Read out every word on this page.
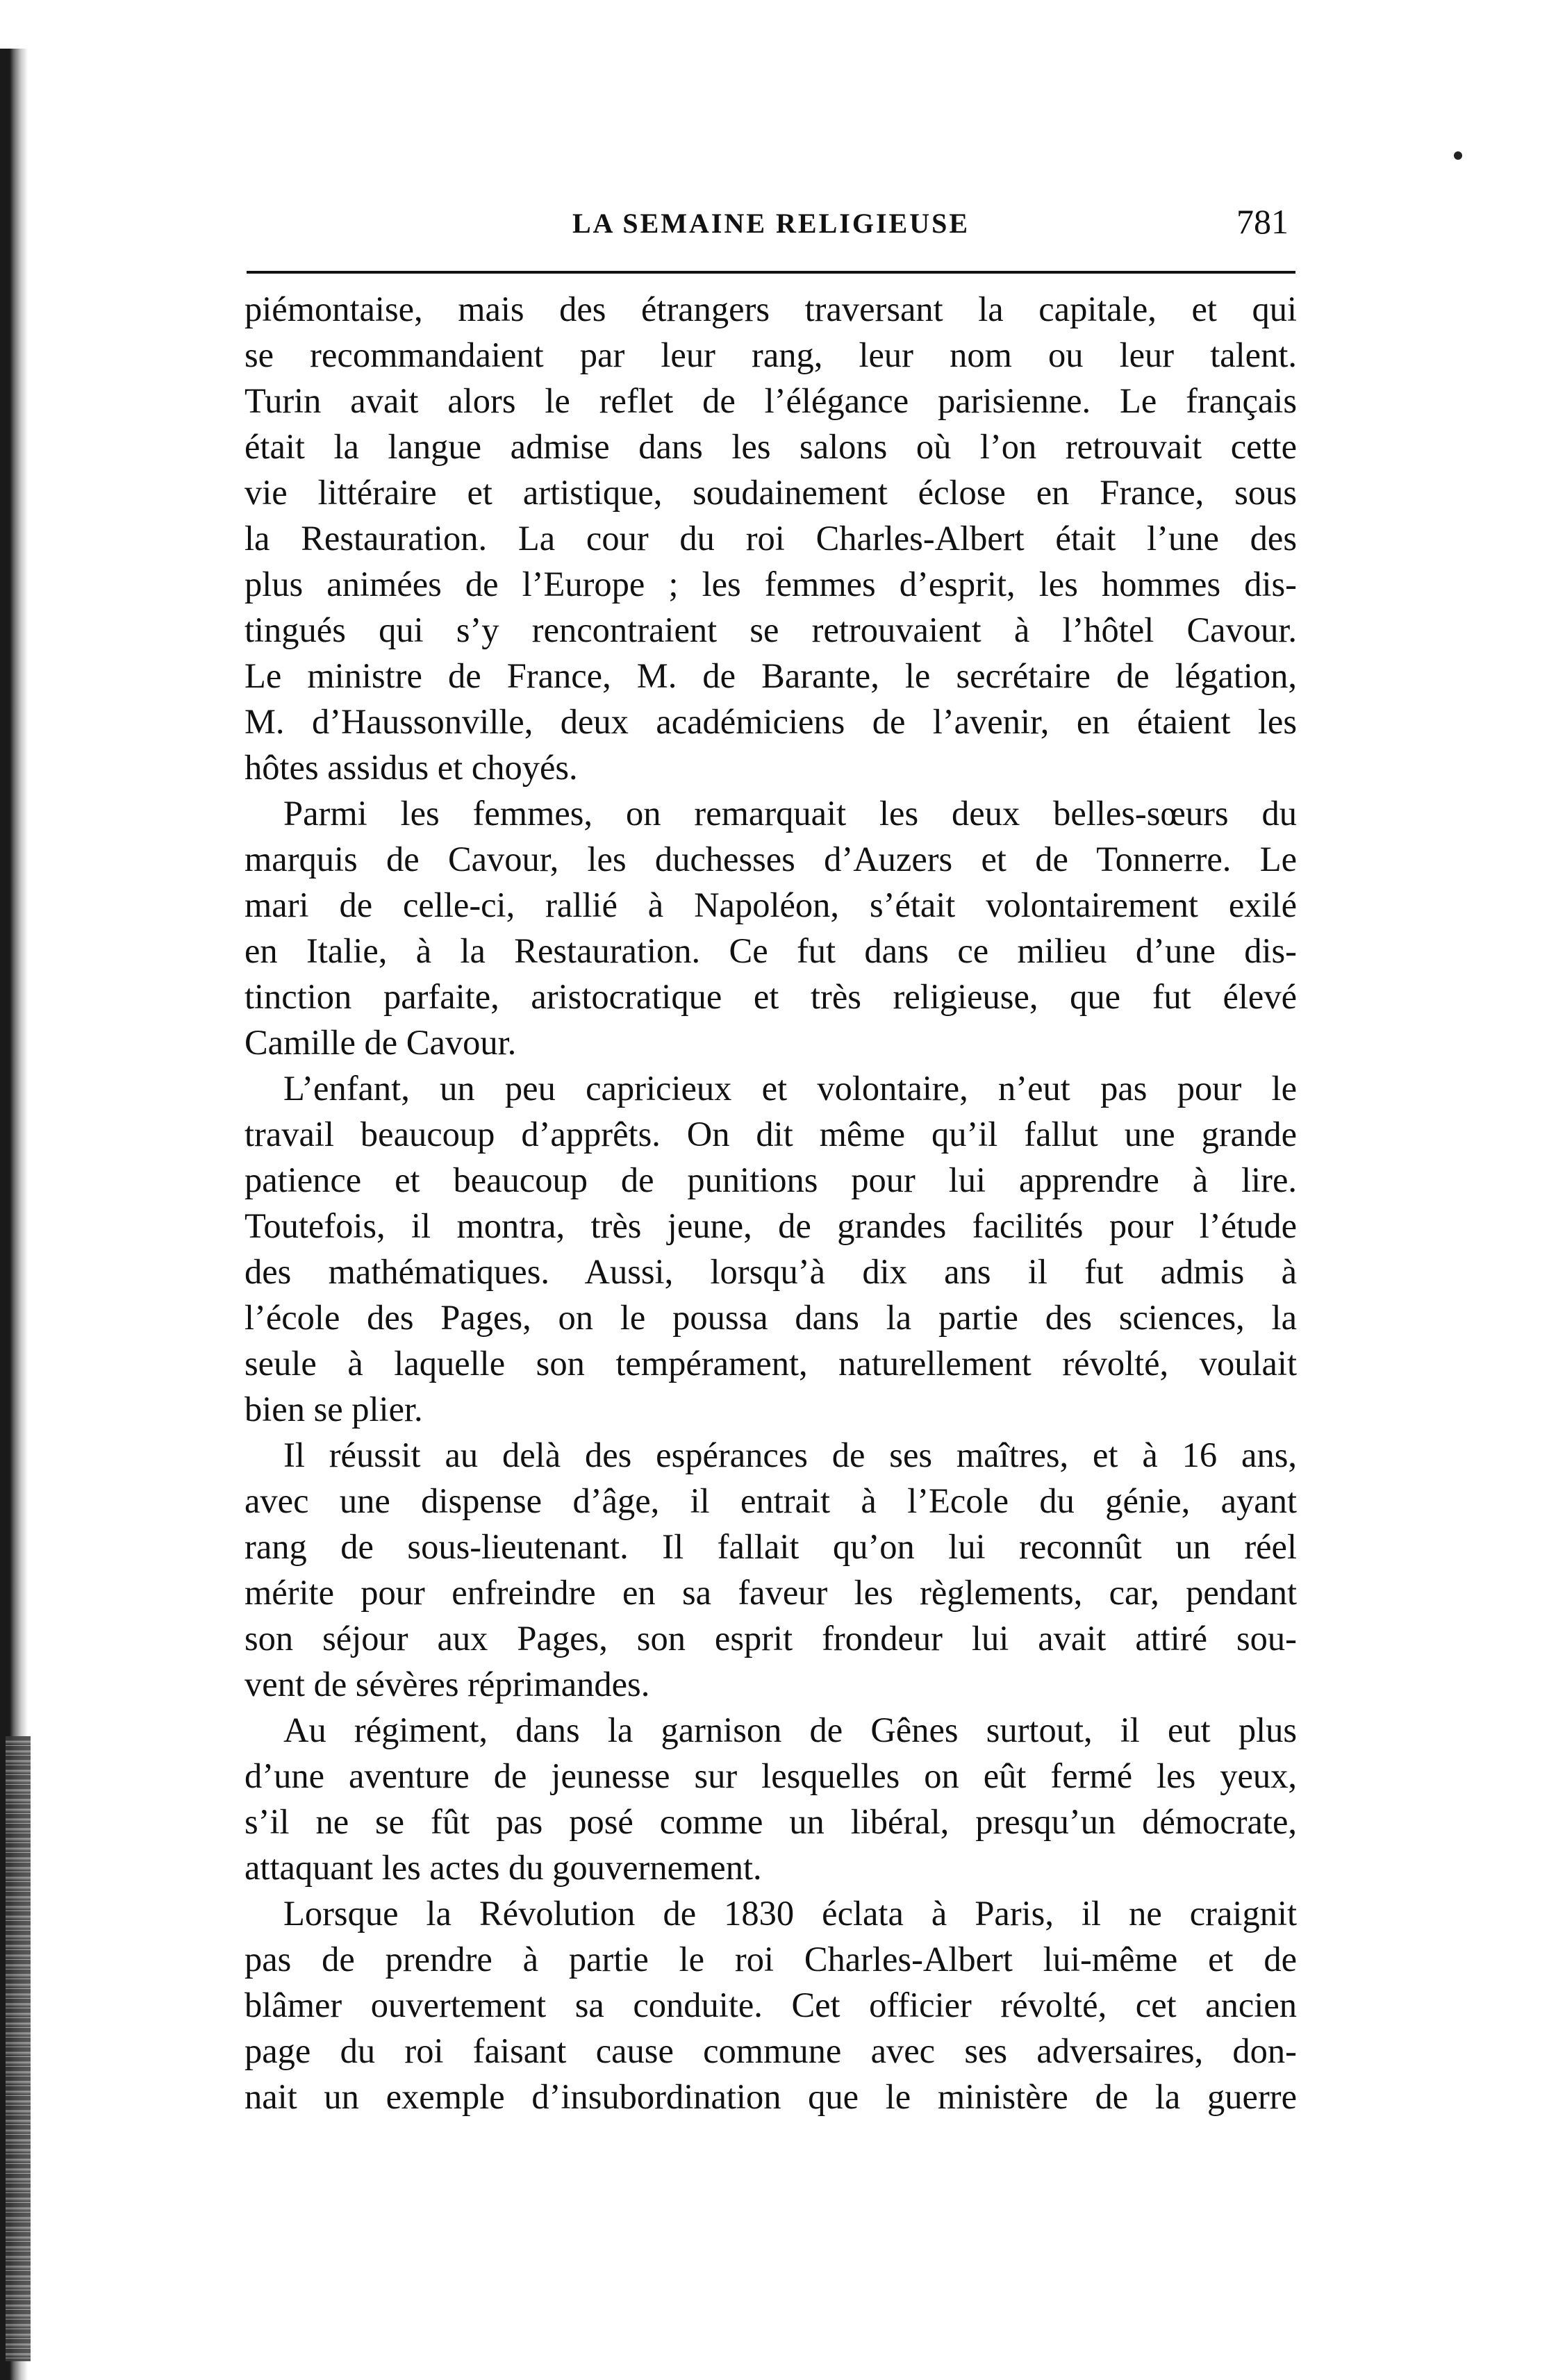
LA SEMAINE RELIGIEUSE	781
piémontaise, mais des étrangers traversant la capitale, et qui
se recommandaient par leur rang, leur nom ou leur talent.
Turin avait alors le reflet de l’élégance parisienne. Le français
était la langue admise dans les salons où l’on retrouvait cette
vie littéraire et artistique, soudainement éclose en France, sous
la Restauration. La cour du roi Charles-Albert était l’une des
plus animées de l’Europe ; les femmes d’esprit, les hommes dis-
tingués qui s’y rencontraient se retrouvaient à l’hôtel Cavour.
Le ministre de France, M. de Barante, le secrétaire de légation,
M. d’Haussonville, deux académiciens de l’avenir, en étaient les
hôtes assidus et choyés.
Parmi les femmes, on remarquait les deux belles-sœurs du
marquis de Cavour, les duchesses d’Auzers et de Tonnerre. Le
mari de celle-ci, rallié à Napoléon, s’était volontairement exilé
en Italie, à la Restauration. Ce fut dans ce milieu d’une dis-
tinction parfaite, aristocratique et très religieuse, que fut élevé
Camille de Cavour.
L’enfant, un peu capricieux et volontaire, n’eut pas pour le
travail beaucoup d’apprêts. On dit même qu’il fallut une grande
patience et beaucoup de punitions pour lui apprendre à lire.
Toutefois, il montra, très jeune, de grandes facilités pour l’étude
des mathématiques. Aussi, lorsqu’à dix ans il fut admis à
l’école des Pages, on le poussa dans la partie des sciences, la
seule à laquelle son tempérament, naturellement révolté, voulait
bien se plier.
Il réussit au delà des espérances de ses maîtres, et à 16 ans,
avec une dispense d’âge, il entrait à l’Ecole du génie, ayant
rang de sous-lieutenant. Il fallait qu’on lui reconnût un réel
mérite pour enfreindre en sa faveur les règlements, car, pendant
son séjour aux Pages, son esprit frondeur lui avait attiré sou-
vent de sévères réprimandes.
Au régiment, dans la garnison de Gênes surtout, il eut plus
d’une aventure de jeunesse sur lesquelles on eût fermé les yeux,
s’il ne se fût pas posé comme un libéral, presqu’un démocrate,
attaquant les actes du gouvernement.
Lorsque la Révolution de 1830 éclata à Paris, il ne craignit
pas de prendre à partie le roi Charles-Albert lui-même et de
blâmer ouvertement sa conduite. Cet officier révolté, cet ancien
page du roi faisant cause commune avec ses adversaires, don-
nait un exemple d’insubordination que le ministère de la guerre
